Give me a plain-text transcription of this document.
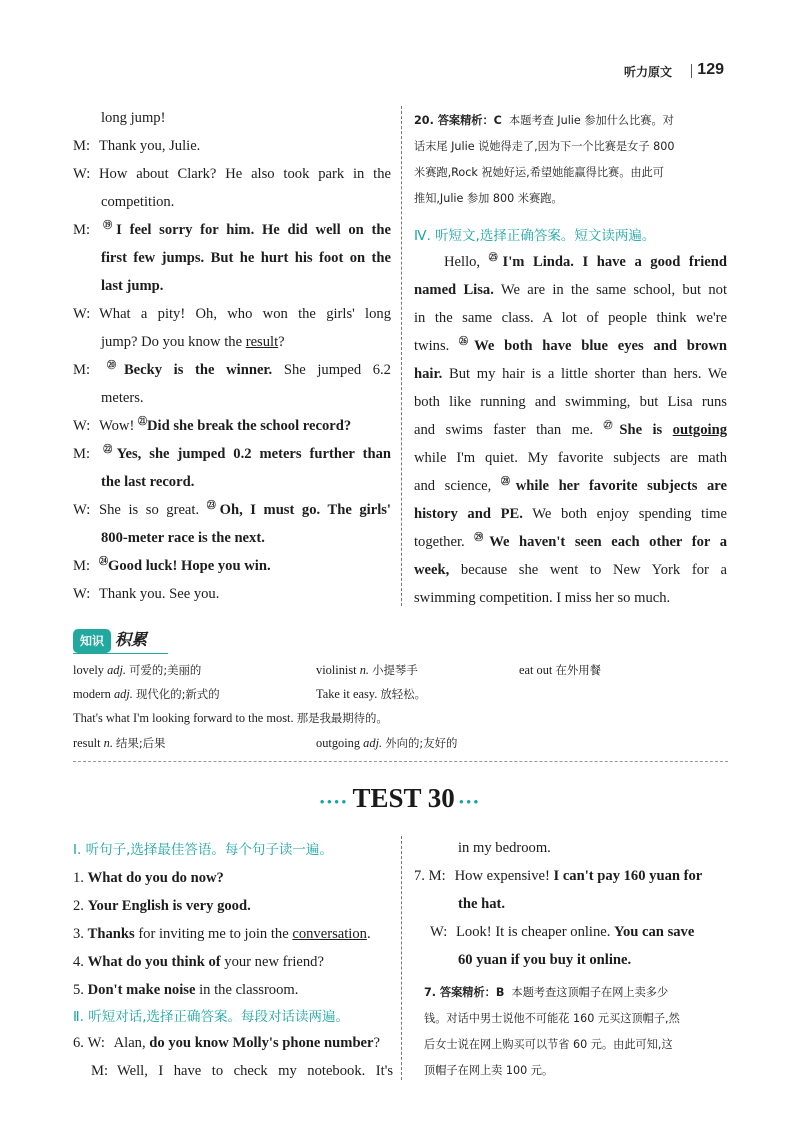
听力原文 129
long jump!
M: Thank you, Julie.
W: How about Clark? He also took park in the
competition.
M: ⑲I feel sorry for him. He did well on the
first few jumps. But he hurt his foot on the
last jump.
W: What a pity! Oh, who won the girls' long
jump? Do you know the result?
M: ⑳Becky is the winner. She jumped 6.2
meters.
W: Wow! $^㉑$Did she break the school record?
M: $^㉒$Yes, she jumped 0.2 meters further than
the last record.
W: She is so great. $^㉓$Oh, I must go. The girls'
800-meter race is the next.
M: $^㉔$Good luck! Hope you win.
W: Thank you. See you.
20. 答案精析：C 本题考查 Julie 参加什么比赛。对
话末尾 Julie 说她得走了,因为下一个比赛是女子 800
米赛跑,Rock 祝她好运,希望她能赢得比赛。由此可
推知,Julie 参加 800 米赛跑。
Ⅳ. 听短文,选择正确答案。短文读两遍。
Hello, $^㉕$I'm Linda. I have a good friend
named Lisa. We are in the same school, but not
in the same class. A lot of people think we're
twins. $^㉖$We both have blue eyes and brown
hair. But my hair is a little shorter than hers. We
both like running and swimming, but Lisa runs
and swims faster than me. $^㉗$She is outgoing
while I'm quiet. My favorite subjects are math
and science, $^㉘$while her favorite subjects are
history and PE. We both enjoy spending time
together. $^㉙$We haven't seen each other for a
week, because she went to New York for a
swimming competition. I miss her so much.
知识 积累
lovely adj. 可爱的;美丽的	violinist n. 小提琴手	eat out 在外用餐
modern adj. 现代化的;新式的	Take it easy. 放轻松。
That's what I'm looking forward to the most. 那是我最期待的。
result n. 结果;后果	outgoing adj. 外向的;友好的
•••• TEST 30 •••
Ⅰ. 听句子,选择最佳答语。每个句子读一遍。
1. What do you do now?
2. Your English is very good.
3. Thanks for inviting me to join the conversation.
4. What do you think of your new friend?
5. Don't make noise in the classroom.
Ⅱ. 听短对话,选择正确答案。每段对话读两遍。
6. W: Alan, do you know Molly's phone number?
M: Well, I have to check my notebook. It's
in my bedroom.
7. M: How expensive! I can't pay 160 yuan for
the hat.
W: Look! It is cheaper online. You can save
60 yuan if you buy it online.
7. 答案精析：B 本题考查这顶帽子在网上卖多少
钱。对话中男士说他不可能花 160 元买这顶帽子,然
后女士说在网上购买可以节省 60 元。由此可知,这
顶帽子在网上卖 100 元。
